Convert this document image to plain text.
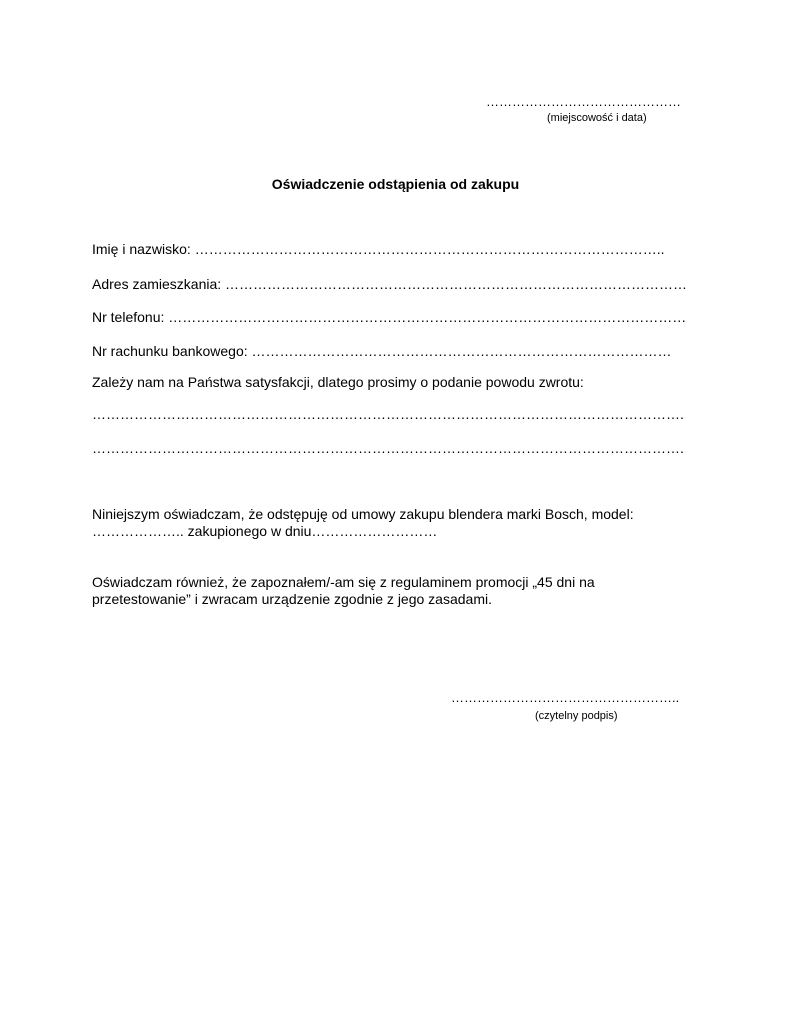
………………………………………
(miejscowość i data)
Oświadczenie odstąpienia od zakupu
Imię i nazwisko: ………………………………………………………………………………………..
Adres zamieszkania: ………………………………………………………………………………………
Nr telefonu: …………………………………………………………………………………………………
Nr rachunku bankowego: ………………………………………………………………………………
Zależy nam na Państwa satysfakcji, dlatego prosimy o podanie powodu zwrotu:
……………………………………………………………………………………………………………….
……………………………………………………………………………………………………………….
Niniejszym oświadczam, że odstępuję od umowy zakupu blendera marki Bosch, model:
……………….. zakupionego w dniu………………………
Oświadczam również, że zapoznałem/-am się z regulaminem promocji „45 dni na
przetestowanie” i zwracam urządzenie zgodnie z jego zasadami.
……………………………………………..
(czytelny podpis)
